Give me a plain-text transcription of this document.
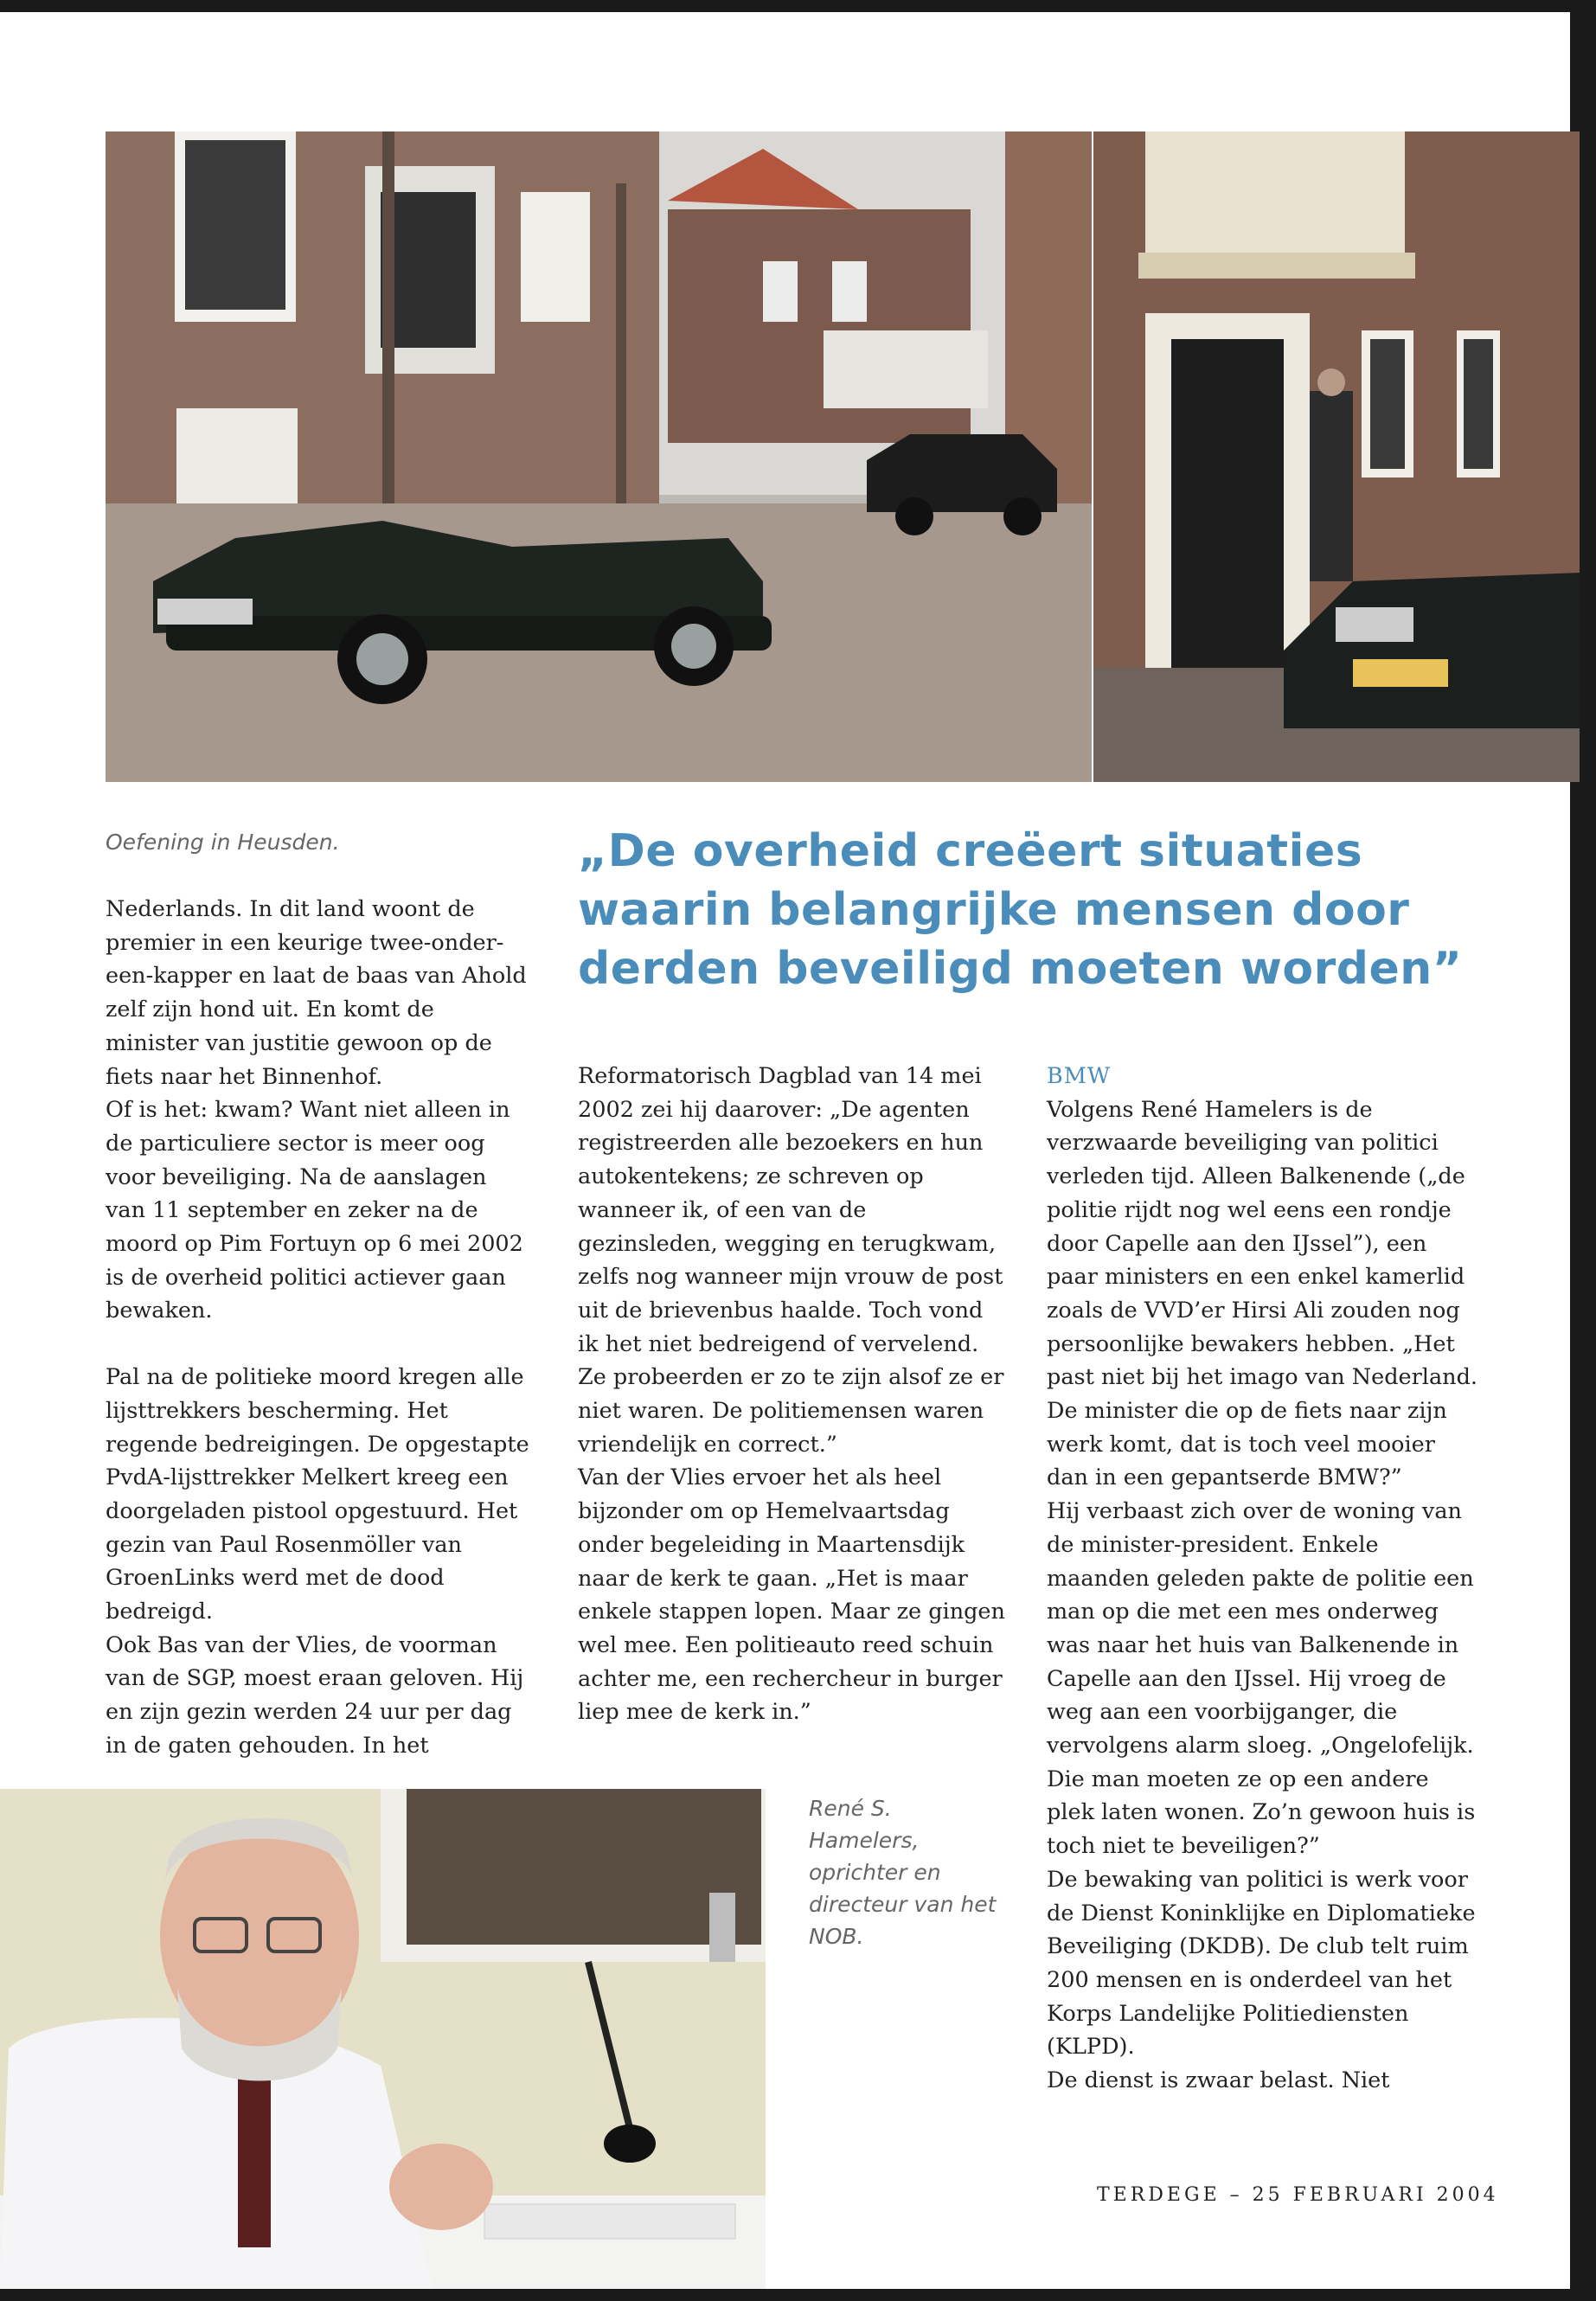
Oefening in Heusden.	„De overheid creëert situaties waarin belangrijke mensen door derden beveiligd moeten worden”

Nederlands. In dit land woont de premier in een keurige twee-onder-een-kapper en laat de baas van Ahold zelf zijn hond uit. En komt de minister van justitie gewoon op de fiets naar het Binnenhof.

Of is het: kwam? Want niet alleen in de particuliere sector is meer oog voor beveiliging. Na de aanslagen van 11 september en zeker na de moord op Pim Fortuyn op 6 mei 2002 is de overheid politici actiever gaan bewaken.

Pal na de politieke moord kregen alle lijsttrekkers bescherming. Het regende bedreigingen. De opgestapte PvdA-lijsttrekker Melkert kreeg een doorgeladen pistool opgestuurd. Het gezin van Paul Rosenmöller van GroenLinks werd met de dood bedreigd.

Ook Bas van der Vlies, de voorman van de SGP, moest eraan geloven. Hij en zijn gezin werden 24 uur per dag in de gaten gehouden. In het

Reformatorisch Dagblad van 14 mei 2002 zei hij daarover: „De agenten registreerden alle bezoekers en hun autokentekens; ze schreven op wanneer ik, of een van de gezinsleden, wegging en terugkwam, zelfs nog wanneer mijn vrouw de post uit de brievenbus haalde. Toch vond ik het niet bedreigend of vervelend. Ze probeerden er zo te zijn alsof ze er niet waren. De politiemensen waren vriendelijk en correct.”

Van der Vlies ervoer het als heel bijzonder om op Hemelvaartsdag onder begeleiding in Maartensdijk naar de kerk te gaan. „Het is maar enkele stappen lopen. Maar ze gingen wel mee. Een politieauto reed schuin achter me, een rechercheur in burger liep mee de kerk in.”

BMW

Volgens René Hamelers is de verzwaarde beveiliging van politici verleden tijd. Alleen Balkenende („de politie rijdt nog wel eens een rondje door Capelle aan den IJssel”), een paar ministers en een enkel kamerlid zoals de VVD’er Hirsi Ali zouden nog persoonlijke bewakers hebben. „Het past niet bij het imago van Nederland. De minister die op de fiets naar zijn werk komt, dat is toch veel mooier dan in een gepantserde BMW?”

Hij verbaast zich over de woning van de minister-president. Enkele maanden geleden pakte de politie een man op die met een mes onderweg was naar het huis van Balkenende in Capelle aan den IJssel. Hij vroeg de weg aan een voorbijganger, die vervolgens alarm sloeg. „Ongelofelijk. Die man moeten ze op een andere plek laten wonen. Zo’n gewoon huis is toch niet te beveiligen?”

De bewaking van politici is werk voor de Dienst Koninklijke en Diplomatieke Beveiliging (DKDB). De club telt ruim 200 mensen en is onderdeel van het Korps Landelijke Politiediensten (KLPD).

De dienst is zwaar belast. Niet

René S. Hamelers, oprichter en directeur van het NOB.
TERDEGE – 25 FEBRUARI 2004
